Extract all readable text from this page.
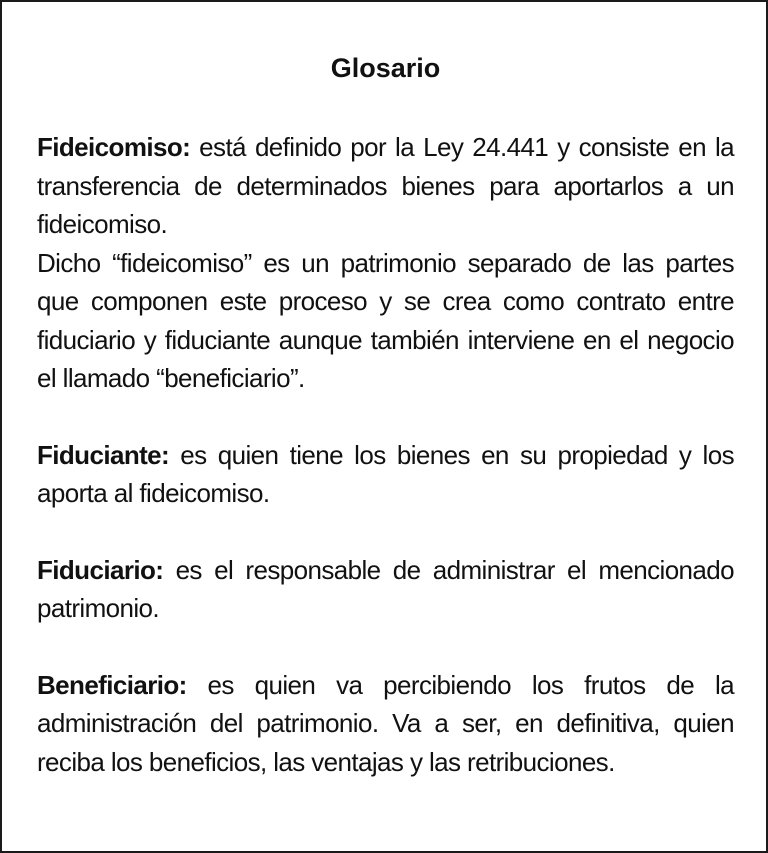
Glosario

Fideicomiso: está definido por la Ley 24.441 y consiste en la transferencia de determinados bienes para aportarlos a un fideicomiso.
Dicho “fideicomiso” es un patrimonio separado de las partes que componen este proceso y se crea como contrato entre fiduciario y fiduciante aunque también interviene en el negocio el llamado “beneficiario”.

Fiduciante: es quien tiene los bienes en su propiedad y los aporta al fideicomiso.

Fiduciario: es el responsable de administrar el mencionado patrimonio.

Beneficiario: es quien va percibiendo los frutos de la administración del patrimonio. Va a ser, en definitiva, quien reciba los beneficios, las ventajas y las retribuciones.
